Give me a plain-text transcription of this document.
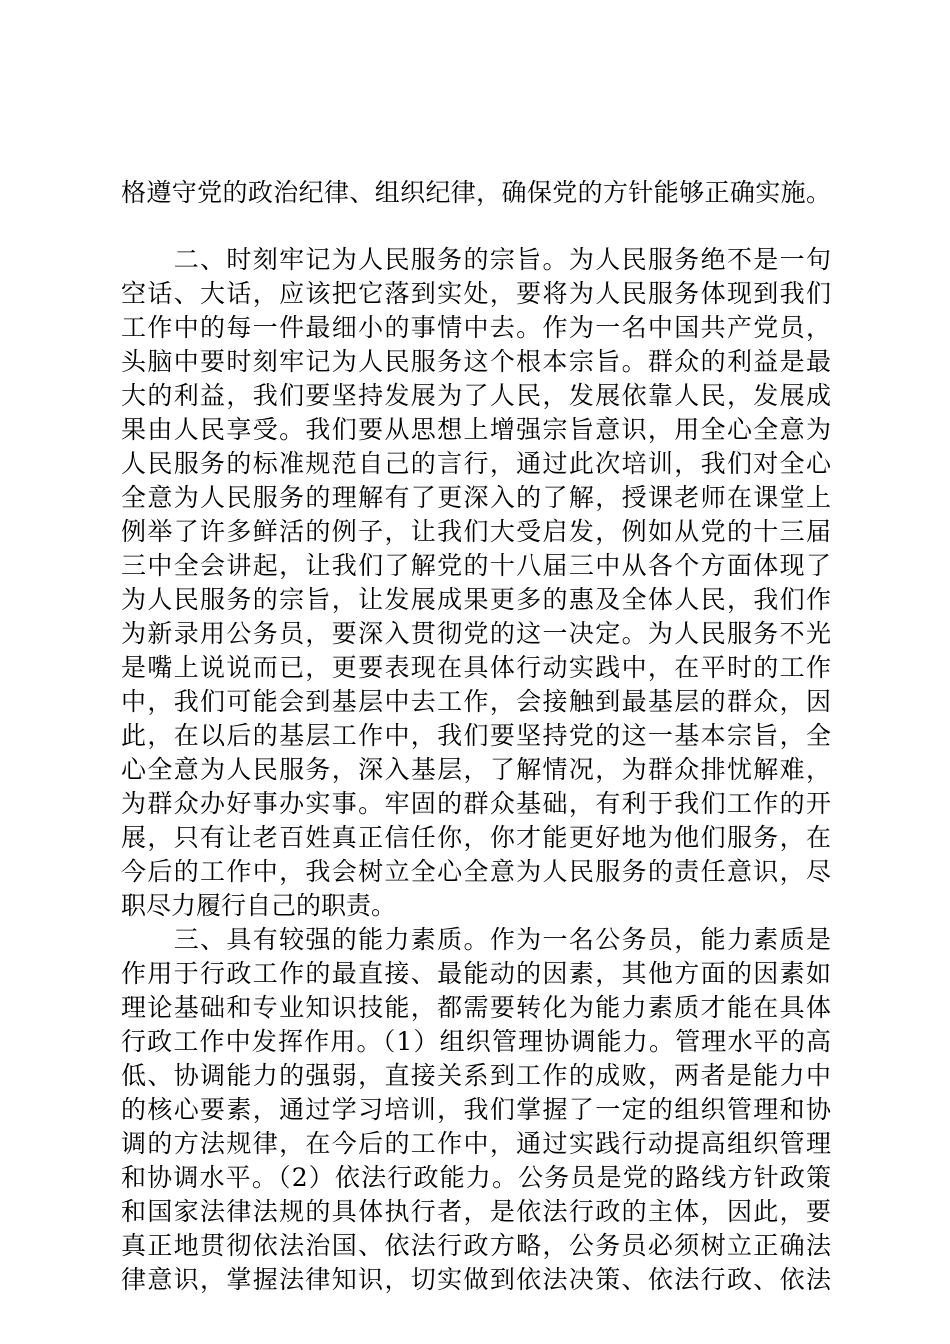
格遵守党的政治纪律、组织纪律，确保党的方针能够正确实施。
　　二、时刻牢记为人民服务的宗旨。为人民服务绝不是一句
空话、大话，应该把它落到实处，要将为人民服务体现到我们
工作中的每一件最细小的事情中去。作为一名中国共产党员，
头脑中要时刻牢记为人民服务这个根本宗旨。群众的利益是最
大的利益，我们要坚持发展为了人民，发展依靠人民，发展成
果由人民享受。我们要从思想上增强宗旨意识，用全心全意为
人民服务的标准规范自己的言行，通过此次培训，我们对全心
全意为人民服务的理解有了更深入的了解，授课老师在课堂上
例举了许多鲜活的例子，让我们大受启发，例如从党的十三届
三中全会讲起，让我们了解党的十八届三中从各个方面体现了
为人民服务的宗旨，让发展成果更多的惠及全体人民，我们作
为新录用公务员，要深入贯彻党的这一决定。为人民服务不光
是嘴上说说而已，更要表现在具体行动实践中，在平时的工作
中，我们可能会到基层中去工作，会接触到最基层的群众，因
此，在以后的基层工作中，我们要坚持党的这一基本宗旨，全
心全意为人民服务，深入基层，了解情况，为群众排忧解难，
为群众办好事办实事。牢固的群众基础，有利于我们工作的开
展，只有让老百姓真正信任你，你才能更好地为他们服务，在
今后的工作中，我会树立全心全意为人民服务的责任意识，尽
职尽力履行自己的职责。
　　三、具有较强的能力素质。作为一名公务员，能力素质是
作用于行政工作的最直接、最能动的因素，其他方面的因素如
理论基础和专业知识技能，都需要转化为能力素质才能在具体
行政工作中发挥作用。（1）组织管理协调能力。管理水平的高
低、协调能力的强弱，直接关系到工作的成败，两者是能力中
的核心要素，通过学习培训，我们掌握了一定的组织管理和协
调的方法规律，在今后的工作中，通过实践行动提高组织管理
和协调水平。（2）依法行政能力。公务员是党的路线方针政策
和国家法律法规的具体执行者，是依法行政的主体，因此，要
真正地贯彻依法治国、依法行政方略，公务员必须树立正确法
律意识，掌握法律知识，切实做到依法决策、依法行政、依法
